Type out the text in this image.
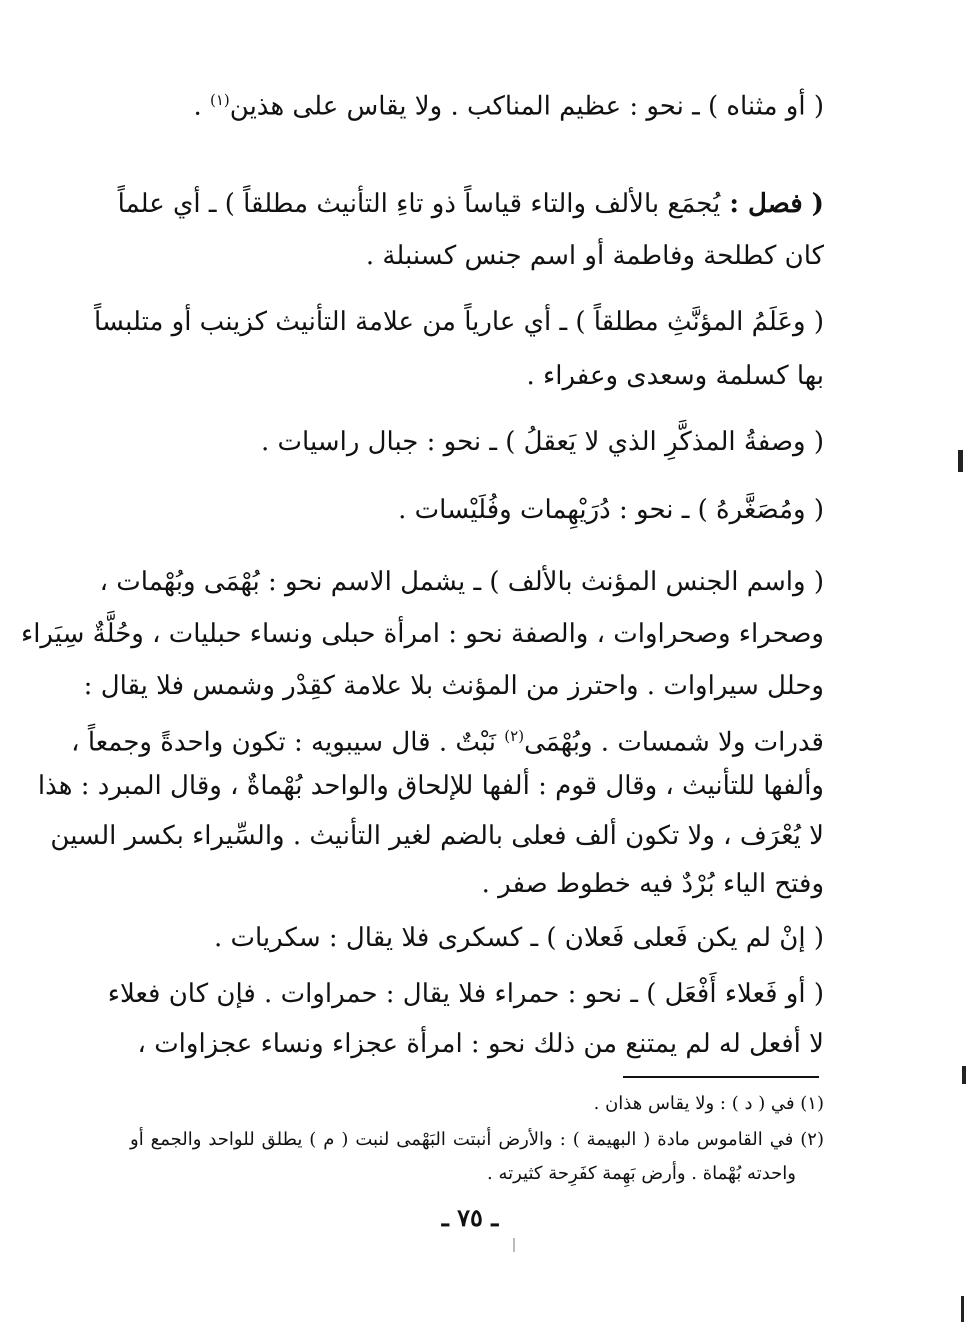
( أو مثناه ) ـ نحو : عظيم المناكب . ولا يقاس على هذين$^{(١)}$ .
( فصل : يُجمَع بالألف والتاء قياساً ذو تاءِ التأنيث مطلقاً ) ـ أي علماً
كان كطلحة وفاطمة أو اسم جنس كسنبلة .
( وعَلَمُ المؤنَّثِ مطلقاً ) ـ أي عارياً من علامة التأنيث كزينب أو متلبساً
بها كسلمة وسعدى وعفراء .
( وصفةُ المذكَّرِ الذي لا يَعقلُ ) ـ نحو : جبال راسيات .
( ومُصَغَّرهُ ) ـ نحو : دُرَيْهِمات وفُلَيْسات .
( واسم الجنس المؤنث بالألف ) ـ يشمل الاسم نحو : بُهْمَى وبُهْمات ،
وصحراء وصحراوات ، والصفة نحو : امرأة حبلى ونساء حبليات ، وحُلَّةٌ سِيَراء
وحلل سيراوات . واحترز من المؤنث بلا علامة كقِدْر وشمس فلا يقال :
قدرات ولا شمسات . وبُهْمَى$^{(٢)}$ نَبْتٌ . قال سيبويه : تكون واحدةً وجمعاً ،
وألفها للتأنيث ، وقال قوم : ألفها للإلحاق والواحد بُهْماةٌ ، وقال المبرد : هذا
لا يُعْرَف ، ولا تكون ألف فعلى بالضم لغير التأنيث . والسِّيراء بكسر السين
وفتح الياء بُرْدٌ فيه خطوط صفر .
( إنْ لم يكن فَعلى فَعلان ) ـ كسكرى فلا يقال : سكريات .
( أو فَعلاء أَفْعَل ) ـ نحو : حمراء فلا يقال : حمراوات . فإن كان فعلاء
لا أفعل له لم يمتنع من ذلك نحو : امرأة عجزاء ونساء عجزاوات ،
(١) في ( د ) : ولا يقاس هذان .
(٢) في القاموس مادة ( البهيمة ) : والأرض أنبتت البَهْمى لنبت ( م ) يطلق للواحد والجمع أو
واحدته بُهْماة . وأرض بَهِمة كفَرِحة كثيرته .
ـ ٧٥ ـ
